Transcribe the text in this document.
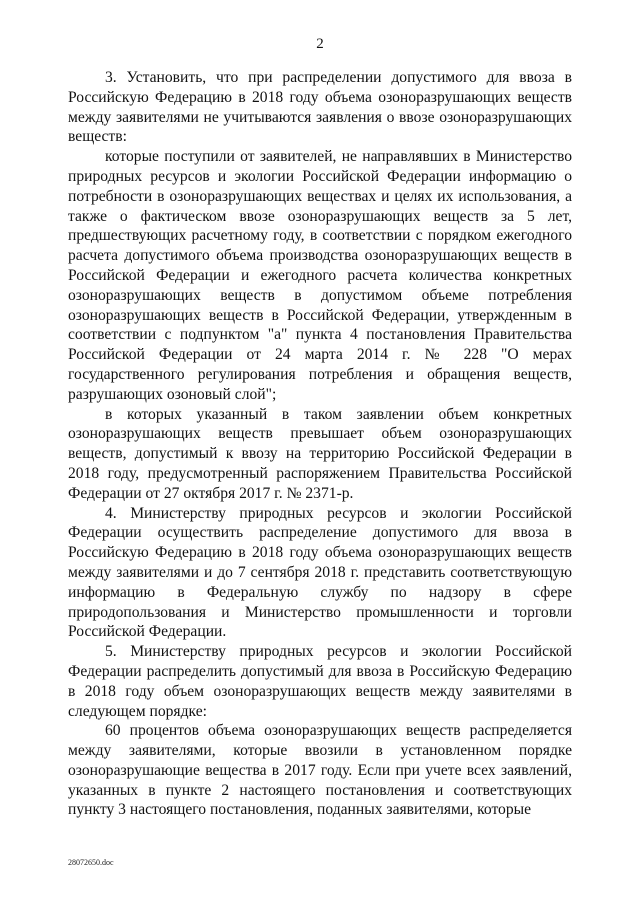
2

3. Установить, что при распределении допустимого для ввоза в Российскую Федерацию в 2018 году объема озоноразрушающих веществ между заявителями не учитываются заявления о ввозе озоноразрушающих веществ:

которые поступили от заявителей, не направлявших в Министерство природных ресурсов и экологии Российской Федерации информацию о потребности в озоноразрушающих веществах и целях их использования, а также о фактическом ввозе озоноразрушающих веществ за 5 лет, предшествующих расчетному году, в соответствии с порядком ежегодного расчета допустимого объема производства озоноразрушающих веществ в Российской Федерации и ежегодного расчета количества конкретных озоноразрушающих веществ в допустимом объеме потребления озоноразрушающих веществ в Российской Федерации, утвержденным в соответствии с подпунктом "а" пункта 4 постановления Правительства Российской Федерации от 24 марта 2014 г. № 228 "О мерах государственного регулирования потребления и обращения веществ, разрушающих озоновый слой";

в которых указанный в таком заявлении объем конкретных озоноразрушающих веществ превышает объем озоноразрушающих веществ, допустимый к ввозу на территорию Российской Федерации в 2018 году, предусмотренный распоряжением Правительства Российской Федерации от 27 октября 2017 г. № 2371-р.

4. Министерству природных ресурсов и экологии Российской Федерации осуществить распределение допустимого для ввоза в Российскую Федерацию в 2018 году объема озоноразрушающих веществ между заявителями и до 7 сентября 2018 г. представить соответствующую информацию в Федеральную службу по надзору в сфере природопользования и Министерство промышленности и торговли Российской Федерации.

5. Министерству природных ресурсов и экологии Российской Федерации распределить допустимый для ввоза в Российскую Федерацию в 2018 году объем озоноразрушающих веществ между заявителями в следующем порядке:

60 процентов объема озоноразрушающих веществ распределяется между заявителями, которые ввозили в установленном порядке озоноразрушающие вещества в 2017 году. Если при учете всех заявлений, указанных в пункте 2 настоящего постановления и соответствующих пункту 3 настоящего постановления, поданных заявителями, которые

28072650.doc
